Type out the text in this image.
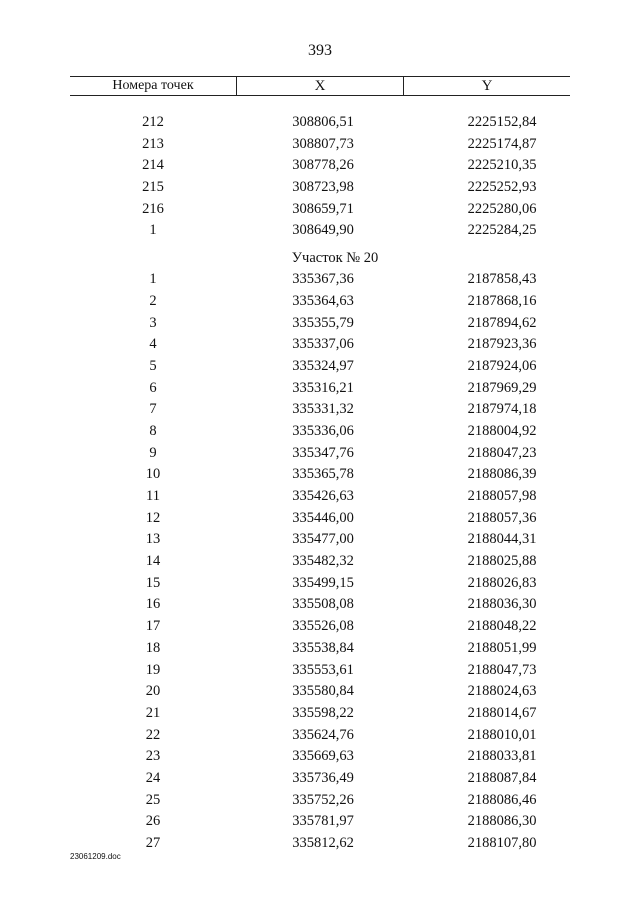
393
Номера точек	X	Y
212	308806,51	2225152,84
213	308807,73	2225174,87
214	308778,26	2225210,35
215	308723,98	2225252,93
216	308659,71	2225280,06
1	308649,90	2225284,25
Участок № 20
1	335367,36	2187858,43
2	335364,63	2187868,16
3	335355,79	2187894,62
4	335337,06	2187923,36
5	335324,97	2187924,06
6	335316,21	2187969,29
7	335331,32	2187974,18
8	335336,06	2188004,92
9	335347,76	2188047,23
10	335365,78	2188086,39
11	335426,63	2188057,98
12	335446,00	2188057,36
13	335477,00	2188044,31
14	335482,32	2188025,88
15	335499,15	2188026,83
16	335508,08	2188036,30
17	335526,08	2188048,22
18	335538,84	2188051,99
19	335553,61	2188047,73
20	335580,84	2188024,63
21	335598,22	2188014,67
22	335624,76	2188010,01
23	335669,63	2188033,81
24	335736,49	2188087,84
25	335752,26	2188086,46
26	335781,97	2188086,30
27	335812,62	2188107,80
23061209.doc
